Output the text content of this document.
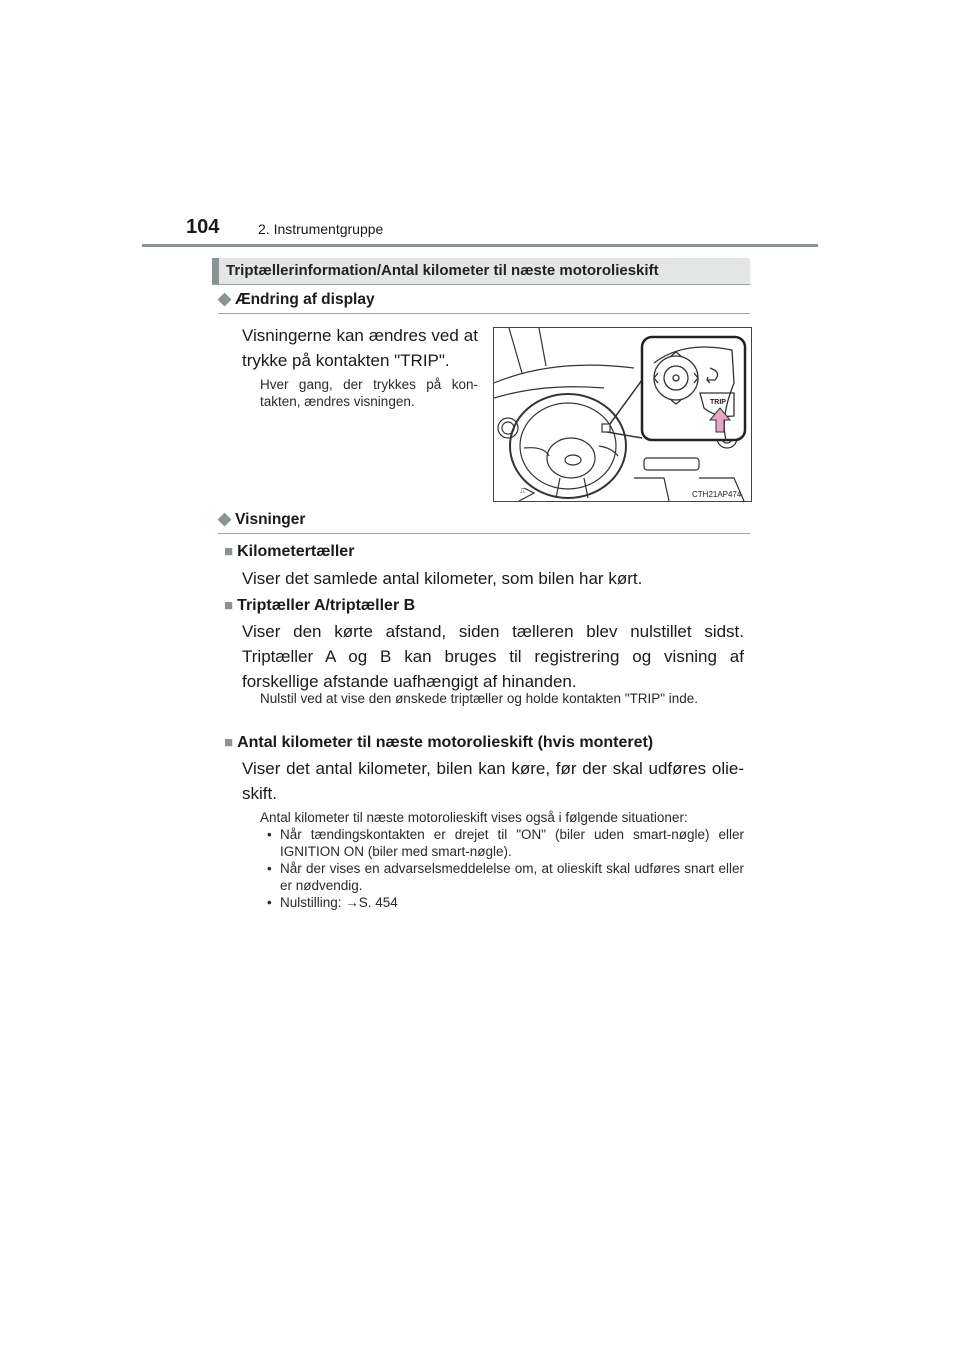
104	2. Instrumentgruppe
Triptællerinformation/Antal kilometer til næste motorolieskift
◆ Ændring af display
Visningerne kan ændres ved at
trykke på kontakten "TRIP".
Hver gang, der trykkes på kon-
takten, ændres visningen.
⎍
TRIP
CTH21AP474
◆ Visninger
■ Kilometertæller
Viser det samlede antal kilometer, som bilen har kørt.
■ Triptæller A/triptæller B
Viser den kørte afstand, siden tælleren blev nulstillet sidst. Triptæller A og B kan bruges til registrering og visning af forskellige afstande uafhængigt af hinanden.
Nulstil ved at vise den ønskede triptæller og holde kontakten "TRIP" inde.
■ Antal kilometer til næste motorolieskift (hvis monteret)
Viser det antal kilometer, bilen kan køre, før der skal udføres olie-skift.
Antal kilometer til næste motorolieskift vises også i følgende situationer:
• Når tændingskontakten er drejet til "ON" (biler uden smart-nøgle) eller IGNITION ON (biler med smart-nøgle).
• Når der vises en advarselsmeddelelse om, at olieskift skal udføres snart eller er nødvendig.
• Nulstilling: →S. 454
